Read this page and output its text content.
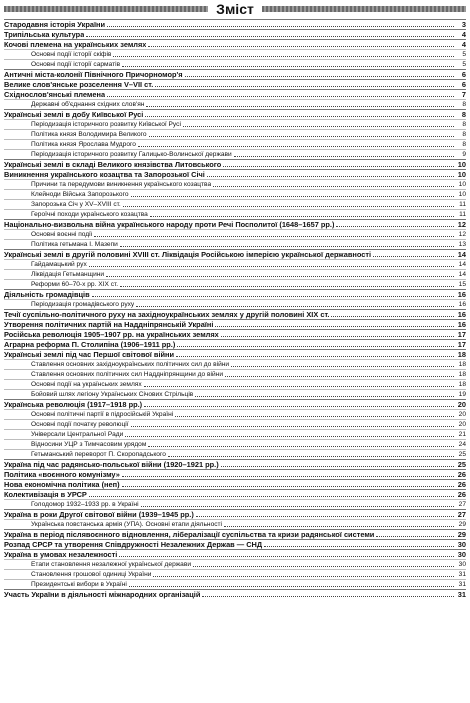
Зміст
Стародавня історія України	3
Трипільська культура	4
Кочові племена на українських землях	4
Основні події історії скіфів	5
Основні події історії сарматів	5
Античні міста-колонії Північного Причорномор'я	6
Велике слов'янське розселення V–VII ст.	6
Східнослов'янські племена	7
Державні об'єднання східних слов'ян	8
Українські землі в добу Київської Русі	8
Періодизація історичного розвитку Київської Русі	8
Політика князя Володимира Великого	8
Політика князя Ярослава Мудрого	8
Періодизація історичного розвитку Галицько-Волинської держави	9
Українські землі в складі Великого князівства Литовського	10
Виникнення українського козацтва та Запорозької Січі	10
Причини та передумови виникнення українського козацтва	10
Клейноди Війська Запорозького	10
Запорозька Січ у XV–XVIII ст.	11
Героїчні походи українського козацтва	11
Національно-визвольна війна українського народу проти Речі Посполитої (1648–1657 рр.)	12
Основні воєнні події	12
Політика гетьмана І. Мазепи	13
Українські землі в другій половині XVIII ст. Ліквідація Російською імперією української державності	14
Гайдамацький рух	14
Ліквідація Гетьманщини	14
Реформи 60–70-х рр. XIX ст.	15
Діяльність громадівців	16
Періодизація громадівського руху	16
Течії суспільно-політичного руху на західноукраїнських землях у другій половині XIX ст.	16
Утворення політичних партій на Наддніпрянській Україні	16
Російська революція 1905–1907 рр. на українських землях	17
Аграрна реформа П. Столипіна (1906–1911 рр.)	17
Українські землі під час Першої світової війни	18
Ставлення основних західноукраїнських політичних сил до війни	18
Ставлення основних політичних сил Наддніпрянщини до війни	18
Основні події на українських землях	18
Бойовий шлях легіону Українських Січових Стрільців	19
Українська революція (1917–1918 рр.)	20
Основні політичні партії в підросійській Україні	20
Основні події початку революції	20
Універсали Центральної Ради	21
Відносини УЦР з Тимчасовим урядом	24
Гетьманський переворот П. Скоропадського	25
Україна під час радянсько-польської війни (1920–1921 рр.)	25
Політика «воєнного комунізму»	26
Нова економічна політика (неп)	26
Колективізація в УРСР	26
Голодомор 1932–1933 рр. в Україні	27
Україна в роки Другої світової війни (1939–1945 рр.)	27
Українська повстанська армія (УПА). Основні етапи діяльності	29
Україна в період післявоєнного відновлення, лібералізації суспільства та кризи радянської системи	29
Розпад СРСР та утворення Співдружності Незалежних Держав — СНД	30
Україна в умовах незалежності	30
Етапи становлення незалежної української держави	30
Становлення грошової одиниці України	31
Президентські вибори в Україні	31
Участь України в діяльності міжнародних організацій	31
